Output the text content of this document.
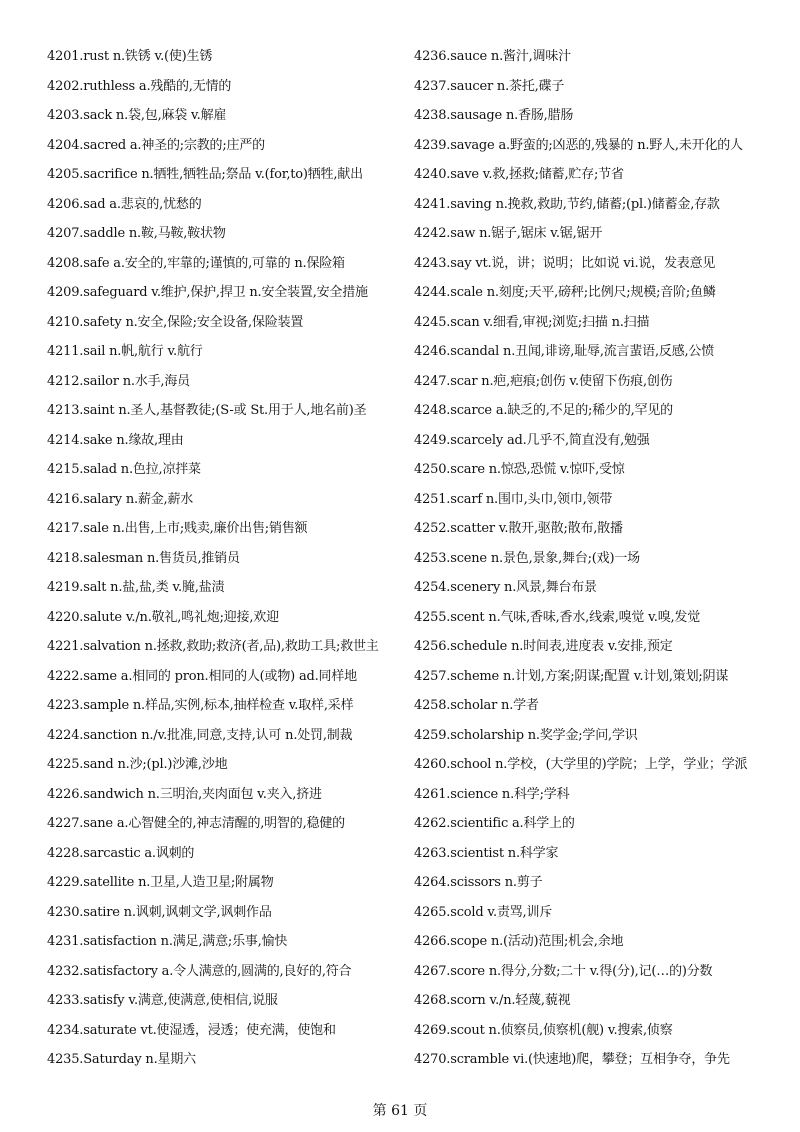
4201.rust n.铁锈 v.(使)生锈
4202.ruthless a.残酷的,无情的
4203.sack n.袋,包,麻袋 v.解雇
4204.sacred a.神圣的;宗教的;庄严的
4205.sacrifice n.牺牲,牺牲品;祭品 v.(for,to)牺牲,献出
4206.sad a.悲哀的,忧愁的
4207.saddle n.鞍,马鞍,鞍状物
4208.safe a.安全的,牢靠的;谨慎的,可靠的 n.保险箱
4209.safeguard v.维护,保护,捍卫 n.安全装置,安全措施
4210.safety n.安全,保险;安全设备,保险装置
4211.sail n.帆,航行 v.航行
4212.sailor n.水手,海员
4213.saint n.圣人,基督教徒;(S-或 St.用于人,地名前)圣
4214.sake n.缘故,理由
4215.salad n.色拉,凉拌菜
4216.salary n.薪金,薪水
4217.sale n.出售,上市;贱卖,廉价出售;销售额
4218.salesman n.售货员,推销员
4219.salt n.盐,盐,类 v.腌,盐渍
4220.salute v./n.敬礼,鸣礼炮;迎接,欢迎
4221.salvation n.拯救,救助;救济(者,品),救助工具;救世主
4222.same a.相同的 pron.相同的人(或物) ad.同样地
4223.sample n.样品,实例,标本,抽样检查 v.取样,采样
4224.sanction n./v.批准,同意,支持,认可 n.处罚,制裁
4225.sand n.沙;(pl.)沙滩,沙地
4226.sandwich n.三明治,夹肉面包 v.夹入,挤进
4227.sane a.心智健全的,神志清醒的,明智的,稳健的
4228.sarcastic a.讽刺的
4229.satellite n.卫星,人造卫星;附属物
4230.satire n.讽刺,讽刺文学,讽刺作品
4231.satisfaction n.满足,满意;乐事,愉快
4232.satisfactory a.令人满意的,圆满的,良好的,符合
4233.satisfy v.满意,使满意,使相信,说服
4234.saturate vt.使湿透，浸透；使充满，使饱和
4235.Saturday n.星期六
4236.sauce n.酱汁,调味汁
4237.saucer n.茶托,碟子
4238.sausage n.香肠,腊肠
4239.savage a.野蛮的;凶恶的,残暴的 n.野人,未开化的人
4240.save v.救,拯救;储蓄,贮存;节省
4241.saving n.挽救,救助,节约,储蓄;(pl.)储蓄金,存款
4242.saw n.锯子,锯床 v.锯,锯开
4243.say vt.说，讲；说明；比如说 vi.说，发表意见
4244.scale n.刻度;天平,磅秤;比例尺;规模;音阶;鱼鳞
4245.scan v.细看,审视;浏览;扫描 n.扫描
4246.scandal n.丑闻,诽谤,耻辱,流言蜚语,反感,公愤
4247.scar n.疤,疤痕;创伤 v.使留下伤痕,创伤
4248.scarce a.缺乏的,不足的;稀少的,罕见的
4249.scarcely ad.几乎不,简直没有,勉强
4250.scare n.惊恐,恐慌 v.惊吓,受惊
4251.scarf n.围巾,头巾,领巾,领带
4252.scatter v.散开,驱散;散布,散播
4253.scene n.景色,景象,舞台;(戏)一场
4254.scenery n.风景,舞台布景
4255.scent n.气味,香味,香水,线索,嗅觉 v.嗅,发觉
4256.schedule n.时间表,进度表 v.安排,预定
4257.scheme n.计划,方案;阴谋;配置 v.计划,策划;阴谋
4258.scholar n.学者
4259.scholarship n.奖学金;学问,学识
4260.school n.学校，(大学里的)学院；上学，学业；学派
4261.science n.科学;学科
4262.scientific a.科学上的
4263.scientist n.科学家
4264.scissors n.剪子
4265.scold v.责骂,训斥
4266.scope n.(活动)范围;机会,余地
4267.score n.得分,分数;二十 v.得(分),记(…的)分数
4268.scorn v./n.轻蔑,藐视
4269.scout n.侦察员,侦察机(舰) v.搜索,侦察
4270.scramble vi.(快速地)爬，攀登；互相争夺，争先
第 61 页
